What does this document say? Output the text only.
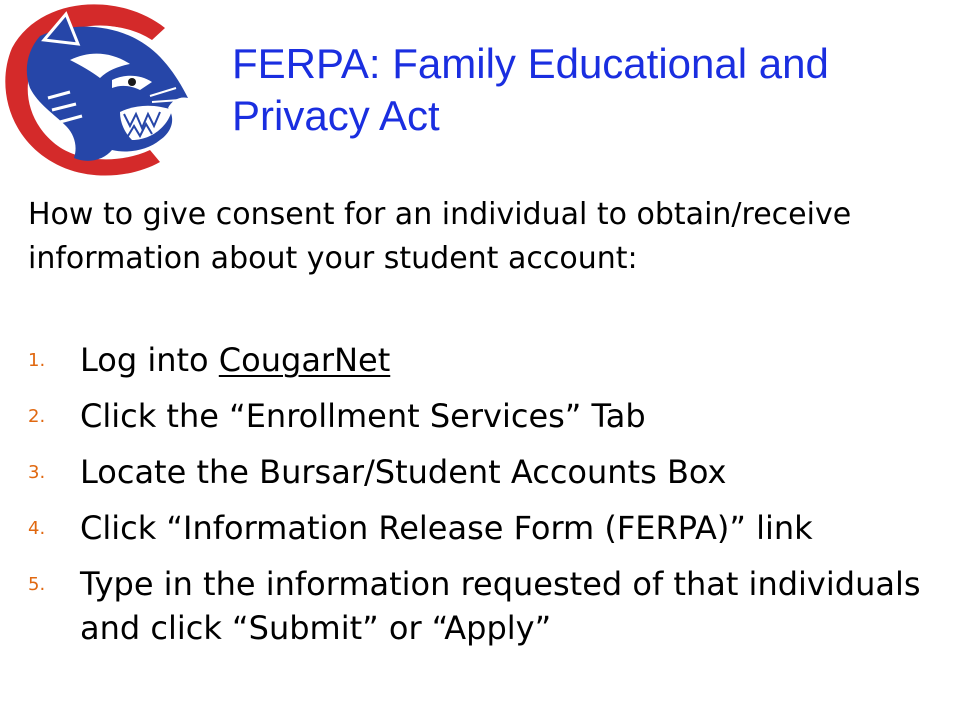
FERPA: Family Educational and Privacy Act

How to give consent for an individual to obtain/receive information about your student account:

1.	Log into CougarNet
2.	Click the “Enrollment Services” Tab
3.	Locate the Bursar/Student Accounts Box
4.	Click “Information Release Form (FERPA)” link
5.	Type in the information requested of that individuals and click “Submit” or “Apply”
